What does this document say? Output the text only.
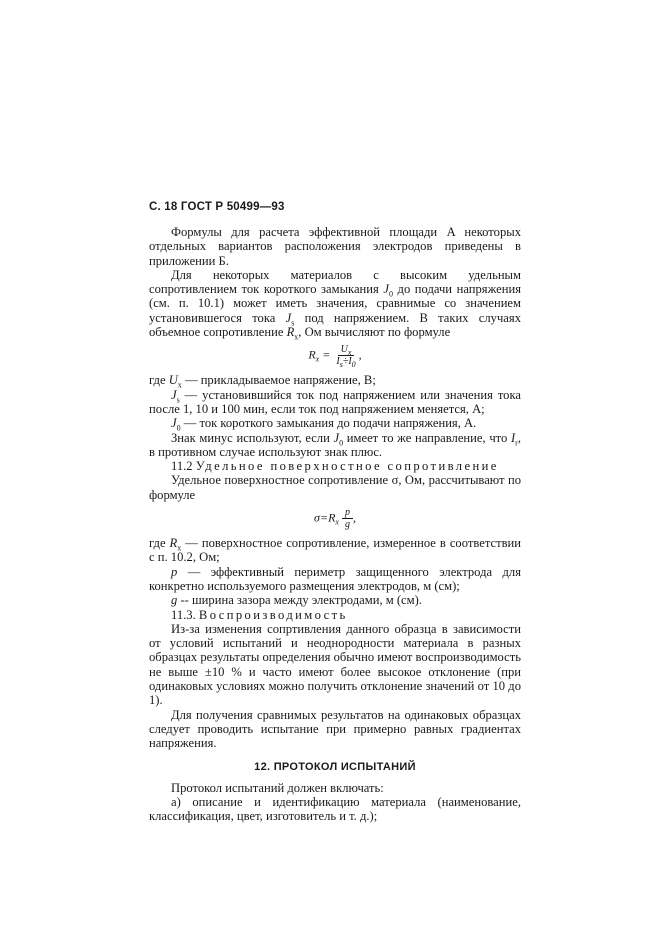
С. 18 ГОСТ Р 50499—93

Формулы для расчета эффективной площади A некоторых отдельных вариантов расположения электродов приведены в приложении Б.

Для некоторых материалов с высоким удельным сопротивлением ток короткого замыкания $J_0$ до подачи напряжения (см. п. 10.1) может иметь значения, сравнимые со значением установившегося тока $J_s$ под напряжением. В таких случаях объемное сопротивление $R_x$, Ом вычисляют по формуле

$R_x = \frac{U_x}{I_s\div I_0}$ ,

где $U_x$ — прикладываемое напряжение, В;

$J_s$ — установившийся ток под напряжением или значения тока после 1, 10 и 100 мин, если ток под напряжением меняется, А;

$J_0$ — ток короткого замыкания до подачи напряжения, А.

Знак минус используют, если $J_0$ имеет то же направление, что $I_r$, в противном случае используют знак плюс.

11.2 Удельное поверхностное сопротивление

Удельное поверхностное сопротивление σ, Ом, рассчитывают по формуле

$\sigma=R_x \frac{p}{g}$ ,

где $R_x$ — поверхностное сопротивление, измеренное в соответствии с п. 10.2, Ом;

p — эффективный периметр защищенного электрода для конкретно используемого размещения электродов, м (см);

g -- ширина зазора между электродами, м (см).

11.3. Воспроизводимость

Из-за изменения сопртивления данного образца в зависимости от условий испытаний и неоднородности материала в разных образцах результаты определения обычно имеют воспроизводимость не выше ±10 % и часто имеют более высокое отклонение (при одинаковых условиях можно получить отклонение значений от 10 до 1).

Для получения сравнимых результатов на одинаковых образцах следует проводить испытание при примерно равных градиентах напряжения.

12. ПРОТОКОЛ ИСПЫТАНИЙ

Протокол испытаний должен включать:

а) описание и идентификацию материала (наименование, классификация, цвет, изготовитель и т. д.);
